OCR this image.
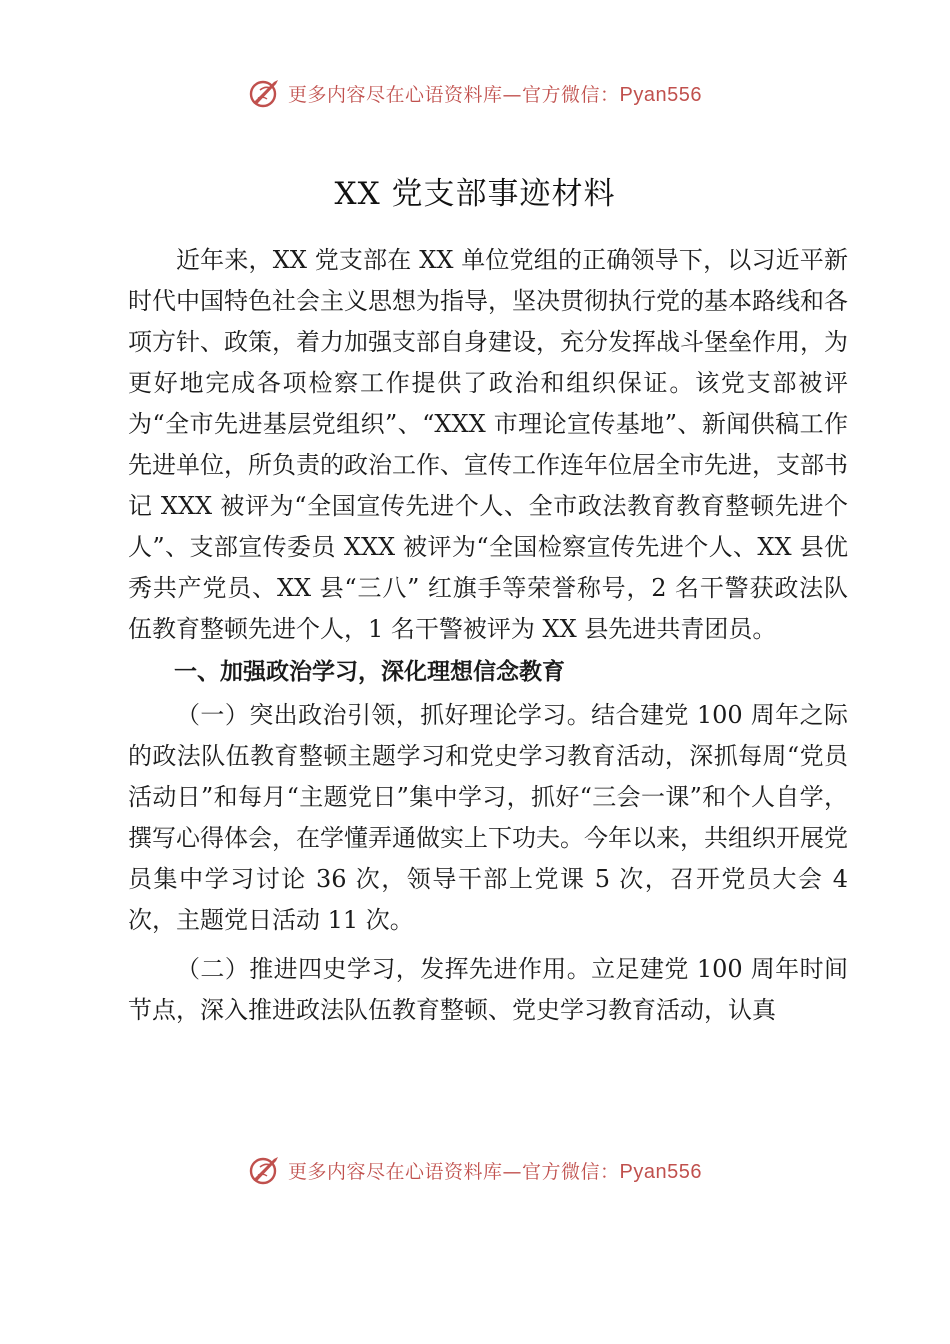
更多内容尽在心语资料库—官方微信：Pyan556
XX 党支部事迹材料

近年来，XX 党支部在 XX 单位党组的正确领导下，以习近平新时代中国特色社会主义思想为指导，坚决贯彻执行党的基本路线和各项方针、政策，着力加强支部自身建设，充分发挥战斗堡垒作用，为更好地完成各项检察工作提供了政治和组织保证。该党支部被评为“全市先进基层党组织”、“XXX 市理论宣传基地”、新闻供稿工作先进单位，所负责的政治工作、宣传工作连年位居全市先进，支部书记 XXX 被评为“全国宣传先进个人、全市政法教育教育整顿先进个人”、支部宣传委员 XXX 被评为“全国检察宣传先进个人、XX 县优秀共产党员、XX 县“三八” 红旗手等荣誉称号，2 名干警获政法队伍教育整顿先进个人，1 名干警被评为 XX 县先进共青团员。

一、加强政治学习，深化理想信念教育

（一）突出政治引领，抓好理论学习。结合建党 100 周年之际的政法队伍教育整顿主题学习和党史学习教育活动，深抓每周“党员活动日”和每月“主题党日”集中学习，抓好“三会一课”和个人自学，撰写心得体会，在学懂弄通做实上下功夫。今年以来，共组织开展党员集中学习讨论 36 次，领导干部上党课 5 次，召开党员大会 4 次，主题党日活动 11 次。

（二）推进四史学习，发挥先进作用。立足建党 100 周年时间节点，深入推进政法队伍教育整顿、党史学习教育活动，认真

更多内容尽在心语资料库—官方微信：Pyan556
